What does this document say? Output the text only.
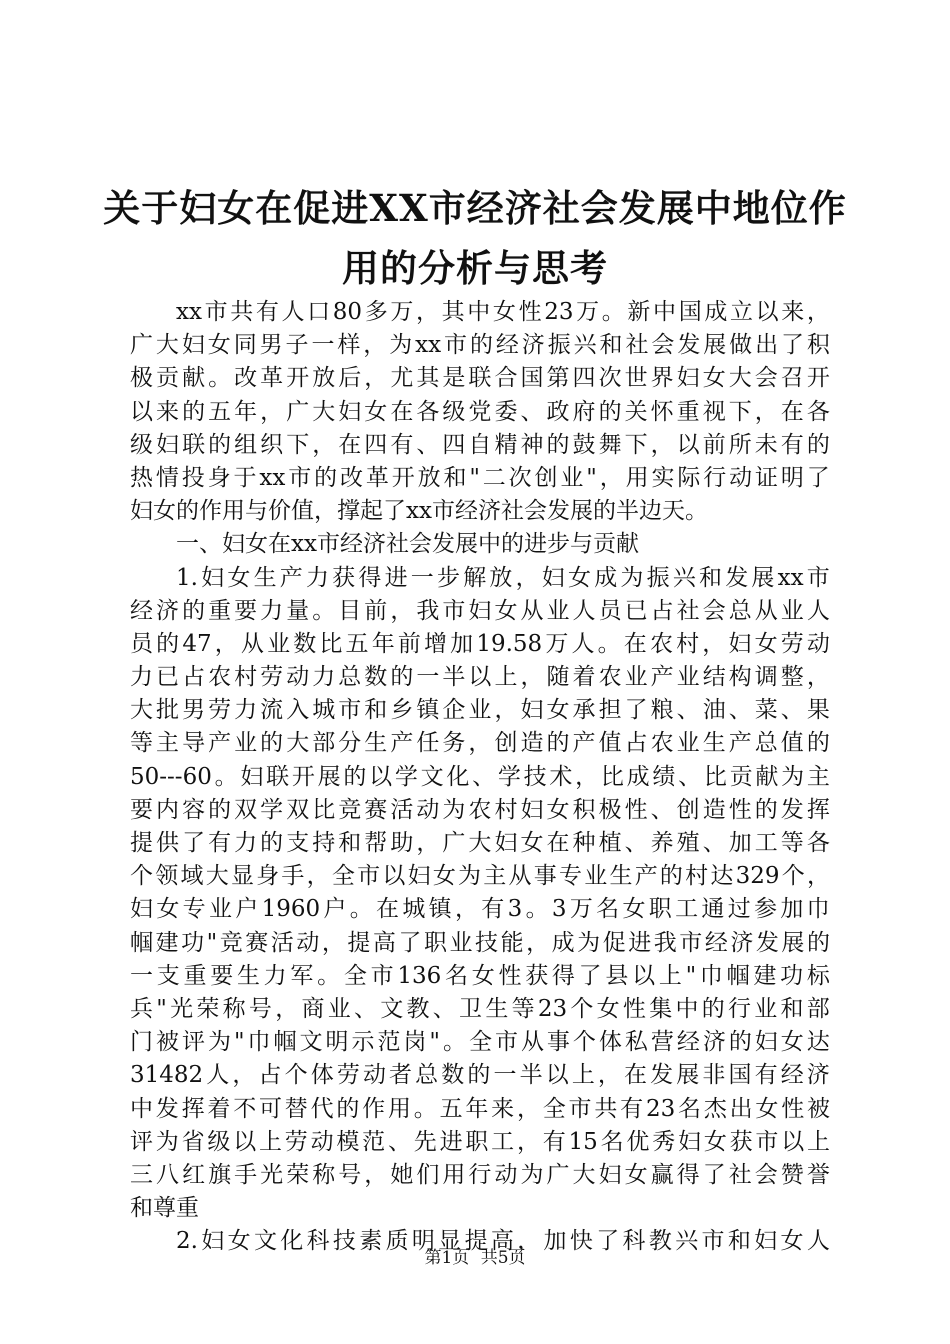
关于妇女在促进XX市经济社会发展中地位作
用的分析与思考
xx 市 共 有 人 口 80 多 万 ， 其 中 女 性 23 万 。 新 中 国 成 立 以 来 ，
广 大 妇 女 同 男 子 一 样 ， 为 xx 市 的 经 济 振 兴 和 社 会 发 展 做 出 了 积
极 贡 献 。 改 革 开 放 后 ， 尤 其 是 联 合 国 第 四 次 世 界 妇 女 大 会 召 开
以 来 的 五 年 ， 广 大 妇 女 在 各 级 党 委 、 政 府 的 关 怀 重 视 下 ， 在 各
级 妇 联 的 组 织 下 ， 在 四 有 、 四 自 精 神 的 鼓 舞 下 ， 以 前 所 未 有 的
热 情 投 身 于 xx 市 的 改 革 开 放 和 " 二 次 创 业 " ， 用 实 际 行 动 证 明 了
妇女的作用与价值，撑起了xx市经济社会发展的半边天。
一、妇女在xx市经济社会发展中的进步与贡献
1. 妇 女 生 产 力 获 得 进 一 步 解 放 ， 妇 女 成 为 振 兴 和 发 展 xx 市
经 济 的 重 要 力 量 。 目 前 ， 我 市 妇 女 从 业 人 员 已 占 社 会 总 从 业 人
员 的 47 ， 从 业 数 比 五 年 前 增 加 19.58 万 人 。 在 农 村 ， 妇 女 劳 动
力 已 占 农 村 劳 动 力 总 数 的 一 半 以 上 ， 随 着 农 业 产 业 结 构 调 整 ，
大 批 男 劳 力 流 入 城 市 和 乡 镇 企 业 ， 妇 女 承 担 了 粮 、 油 、 菜 、 果
等 主 导 产 业 的 大 部 分 生 产 任 务 ， 创 造 的 产 值 占 农 业 生 产 总 值 的
50---60 。 妇 联 开 展 的 以 学 文 化 、 学 技 术 ， 比 成 绩 、 比 贡 献 为 主
要 内 容 的 双 学 双 比 竞 赛 活 动 为 农 村 妇 女 积 极 性 、 创 造 性 的 发 挥
提 供 了 有 力 的 支 持 和 帮 助 ， 广 大 妇 女 在 种 植 、 养 殖 、 加 工 等 各
个 领 域 大 显 身 手 ， 全 市 以 妇 女 为 主 从 事 专 业 生 产 的 村 达 329 个 ，
妇 女 专 业 户 1960 户 。 在 城 镇 ， 有 3 。 3 万 名 女 职 工 通 过 参 加 巾
帼 建 功 " 竞 赛 活 动 ， 提 高 了 职 业 技 能 ， 成 为 促 进 我 市 经 济 发 展 的
一 支 重 要 生 力 军 。 全 市 136 名 女 性 获 得 了 县 以 上 " 巾 帼 建 功 标
兵 " 光 荣 称 号 ， 商 业 、 文 教 、 卫 生 等 23 个 女 性 集 中 的 行 业 和 部
门 被 评 为 " 巾 帼 文 明 示 范 岗 " 。 全 市 从 事 个 体 私 营 经 济 的 妇 女 达
31482 人 ， 占 个 体 劳 动 者 总 数 的 一 半 以 上 ， 在 发 展 非 国 有 经 济
中 发 挥 着 不 可 替 代 的 作 用 。 五 年 来 ， 全 市 共 有 23 名 杰 出 女 性 被
评 为 省 级 以 上 劳 动 模 范 、 先 进 职 工 ， 有 15 名 优 秀 妇 女 获 市 以 上
三 八 红 旗 手 光 荣 称 号 ， 她 们 用 行 动 为 广 大 妇 女 赢 得 了 社 会 赞 誉
和尊重
2. 妇 女 文 化 科 技 素 质 明 显 提 高 ， 加 快 了 科 教 兴 市 和 妇 女 人
第1页 共5页
